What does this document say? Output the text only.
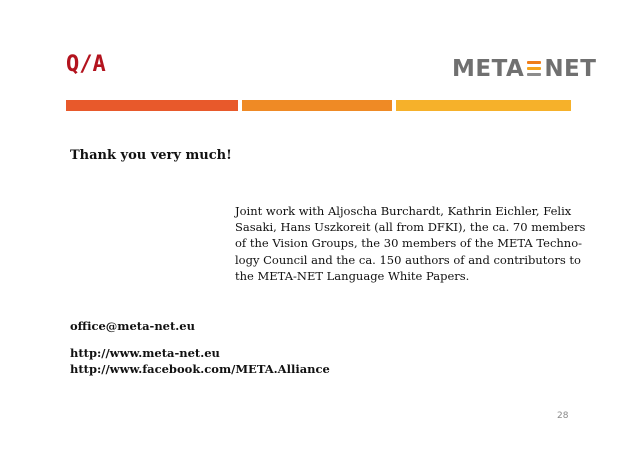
Q/A	META NET
Thank you very much!
Joint work with Aljoscha Burchardt, Kathrin Eichler, Felix
Sasaki, Hans Uszkoreit (all from DFKI), the ca. 70 members
of the Vision Groups, the 30 members of the META Techno-
logy Council and the ca. 150 authors of and contributors to
the META-NET Language White Papers.
office@meta-net.eu
http://www.meta-net.eu
http://www.facebook.com/META.Alliance
28
